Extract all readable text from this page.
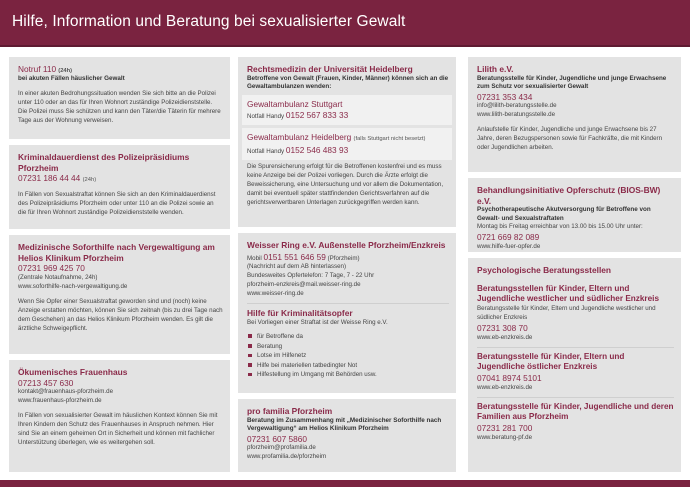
Hilfe, Information und Beratung bei sexualisierter Gewalt
Notruf 110 (24h)
bei akuten Fällen häuslicher Gewalt
In einer akuten Bedrohungssituation wenden Sie sich bitte an die Polizei unter 110 oder an das für Ihren Wohnort zuständige Polizeidienststelle. Die Polizei muss Sie schützen und kann den Täter/die Täterin für mehrere Tage aus der Wohnung verweisen.
Kriminaldauerdienst des Polizeipräsidiums Pforzheim
07231 186 44 44 (24h)
In Fällen von Sexualstraftat können Sie sich an den Kriminaldauerdienst des Polizeipräsidiums Pforzheim oder unter 110 an die Polizei sowie an die für Ihren Wohnort zuständige Polizeidienststelle wenden.
Medizinische Soforthilfe nach Vergewaltigung am Helios Klinikum Pforzheim
07231 969 425 70
(Zentrale Notaufnahme, 24h)
www.soforthilfe-nach-vergewaltigung.de
Wenn Sie Opfer einer Sexualstraftat geworden sind und (noch) keine Anzeige erstatten möchten, können Sie sich zeitnah (bis zu drei Tage nach dem Geschehen) an das Helios Klinikum Pforzheim wenden. Es gilt die ärztliche Schweigepflicht.
Ökumenisches Frauenhaus
07213 457 630
kontakt@frauenhaus-pforzheim.de
www.frauenhaus-pforzheim.de
In Fällen von sexualisierter Gewalt im häuslichen Kontext können Sie mit Ihren Kindern den Schutz des Frauenhauses in Anspruch nehmen. Hier sind Sie an einem geheimen Ort in Sicherheit und können mit fachlicher Unterstützung überlegen, wie es weitergehen soll.
Rechtsmedizin der Universität Heidelberg
Betroffene von Gewalt (Frauen, Kinder, Männer) können sich an die Gewaltambulanzen wenden:
Gewaltambulanz Stuttgart
Notfall Handy 0152 567 833 33
Gewaltambulanz Heidelberg (falls Stuttgart nicht besetzt)
Notfall Handy 0152 546 483 93
Die Spurensicherung erfolgt für die Betroffenen kostenfrei und es muss keine Anzeige bei der Polizei vorliegen. Durch die Ärzte erfolgt die Beweissicherung, eine Untersuchung und vor allem die Dokumentation, damit bei eventuell später stattfindenden Gerichtsverfahren auf die gerichtsverwertbaren Unterlagen zurückgegriffen werden kann.
Weisser Ring e.V. Außenstelle Pforzheim/Enzkreis
Mobil 0151 551 646 59 (Pforzheim)
(Nachricht auf dem AB hinterlassen)
Bundesweites Opfertelefon: 7 Tage, 7 - 22 Uhr
pforzheim-enzkreis@mail.weisser-ring.de
www.weisser-ring.de
Hilfe für Kriminalitätsopfer
Bei Vorliegen einer Straftat ist der Weisse Ring e.V.
für Betroffene da
Beratung
Lotse im Hilfenetz
Hilfe bei materiellen tatbedingter Not
Hilfestellung im Umgang mit Behörden usw.
pro familia Pforzheim
Beratung im Zusammenhang mit „Medizinischer Soforthilfe nach Vergewaltigung“ am Helios Klinikum Pforzheim
07231 607 5860
pforzheim@profamilia.de
www.profamilia.de/pforzheim
Lilith e.V.
Beratungsstelle für Kinder, Jugendliche und junge Erwachsene zum Schutz vor sexualisierter Gewalt
07231 353 434
info@lilith-beratungsstelle.de
www.lilith-beratungsstelle.de
Anlaufstelle für Kinder, Jugendliche und junge Erwachsene bis 27 Jahre, deren Bezugspersonen sowie für Fachkräfte, die mit Kindern oder Jugendlichen arbeiten.
Behandlungsinitiative Opferschutz (BIOS-BW) e.V.
Psychotherapeutische Akutversorgung für Betroffene von Gewalt- und Sexualstraftaten
Montag bis Freitag erreichbar von 13.00 bis 15.00 Uhr unter:
0721 669 82 089
www.hilfe-fuer-opfer.de
Psychologische Beratungsstellen
Beratungsstellen für Kinder, Eltern und Jugendliche westlicher und südlicher Enzkreis
Beratungsstelle für Kinder, Eltern und Jugendliche westlicher und südlicher Enzkreis
07231 308 70
www.eb-enzkreis.de
Beratungsstelle für Kinder, Eltern und Jugendliche östlicher Enzkreis
07041 8974 5101
www.eb-enzkreis.de
Beratungsstelle für Kinder, Jugendliche und deren Familien aus Pforzheim
07231 281 700
www.beratung-pf.de
